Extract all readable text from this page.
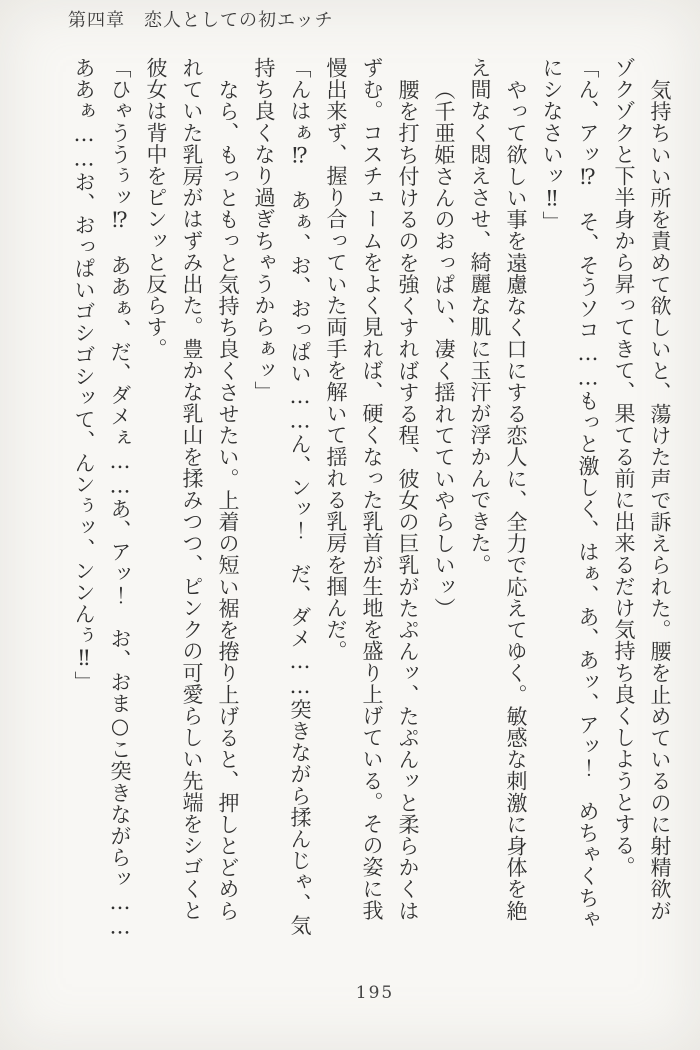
第四章　恋人としての初エッチ

気持ちいい所を責めて欲しいと、蕩けた声で訴えられた。腰を止めているのに射精欲が

ゾクゾクと下半身から昇ってきて、果てる前に出来るだけ気持ち良くしようとする。

「ん、アッ⁉　そ、そうソコ……もっと激しく、はぁ、あ、あッ、アッ！　めちゃくちゃ

にシなさいッ‼」

やって欲しい事を遠慮なく口にする恋人に、全力で応えてゆく。敏感な刺激に身体を絶

え間なく悶えさせ、綺麗な肌に玉汗が浮かんできた。

（千亜姫さんのおっぱい、凄く揺れてていやらしいッ）

腰を打ち付けるのを強くすればする程、彼女の巨乳がたぷんッ、たぷんッと柔らかくは

ずむ。コスチュームをよく見れば、硬くなった乳首が生地を盛り上げている。その姿に我

慢出来ず、握り合っていた両手を解いて揺れる乳房を掴んだ。

「んはぁ⁉　あぁ、お、おっぱい……ん、ンッ！　だ、ダメ……突きながら揉んじゃ、気

持ち良くなり過ぎちゃうからぁッ」

なら、もっともっと気持ち良くさせたい。上着の短い裾を捲り上げると、押しとどめら

れていた乳房がはずみ出た。豊かな乳山を揉みつつ、ピンクの可愛らしい先端をシゴくと

彼女は背中をピンッと反らす。

「ひゃううぅッ⁉　ああぁ、だ、ダメぇ……あ、アッ！　お、おま○こ突きながらッ……

ああぁ……お、おっぱいゴシゴシッて、んンぅッ、ンンんぅ‼」

195
